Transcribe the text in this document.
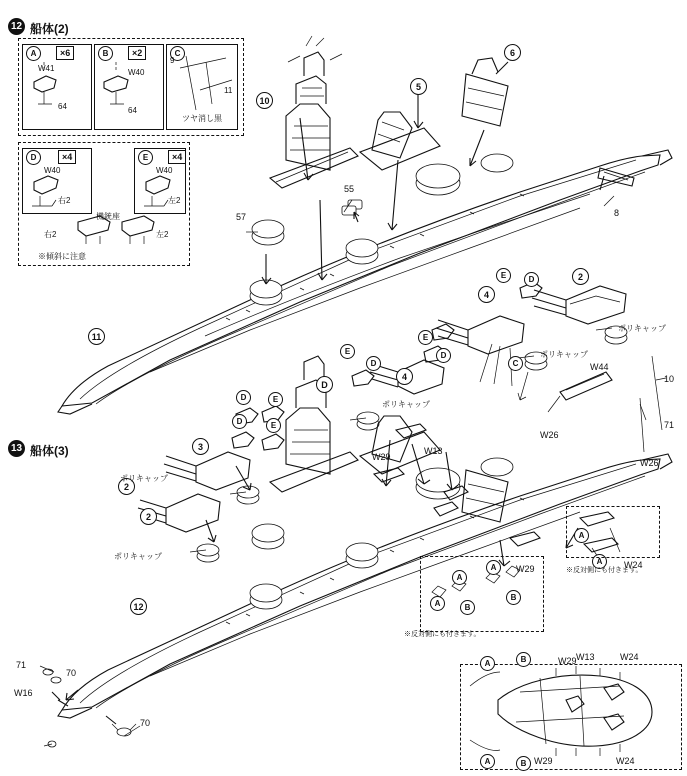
12 船体(2)
A	×6
W41
64
B	×2
W40
64
C
9
11
ツヤ消し黒
D	×4
W40
右2
E	×4
W40
左2
機銃座
右2	左2
※傾斜に注意
10
5
6
11
8
55
57
2
4
4
D
D
D
D
D
E
E
E
E
C
ポリキャップ
ポリキャップ
ポリキャップ
W44
W26
W26
10
71
13 船体(3)	3
2
2
12
D	E
ポリキャップ
ポリキャップ
W29
W13
W29	W24
W29 W13	W24
W24
W16
71
70
70
A
A
A
A
A
B
B
※反対側にも付きます。
※反対側にも付きます。
A	B
A	B W29
